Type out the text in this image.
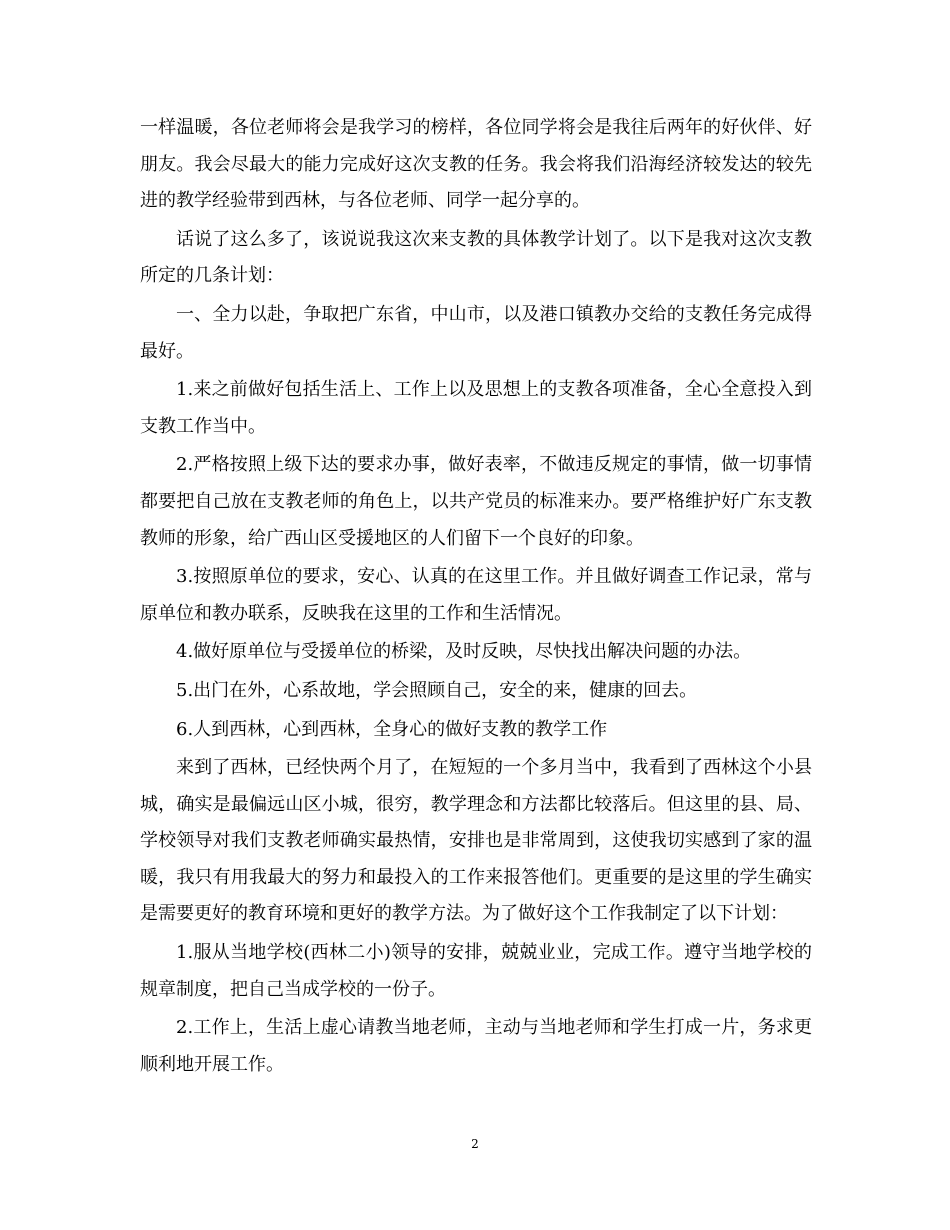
一样温暖，各位老师将会是我学习的榜样，各位同学将会是我往后两年的好伙伴、好朋友。我会尽最大的能力完成好这次支教的任务。我会将我们沿海经济较发达的较先进的教学经验带到西林，与各位老师、同学一起分享的。

话说了这么多了，该说说我这次来支教的具体教学计划了。以下是我对这次支教所定的几条计划：

一、全力以赴，争取把广东省，中山市，以及港口镇教办交给的支教任务完成得最好。

1.来之前做好包括生活上、工作上以及思想上的支教各项准备，全心全意投入到支教工作当中。

2.严格按照上级下达的要求办事，做好表率，不做违反规定的事情，做一切事情都要把自己放在支教老师的角色上，以共产党员的标准来办。要严格维护好广东支教教师的形象，给广西山区受援地区的人们留下一个良好的印象。

3.按照原单位的要求，安心、认真的在这里工作。并且做好调查工作记录，常与原单位和教办联系，反映我在这里的工作和生活情况。

4.做好原单位与受援单位的桥梁，及时反映，尽快找出解决问题的办法。

5.出门在外，心系故地，学会照顾自己，安全的来，健康的回去。

6.人到西林，心到西林，全身心的做好支教的教学工作

来到了西林，已经快两个月了，在短短的一个多月当中，我看到了西林这个小县城，确实是最偏远山区小城，很穷，教学理念和方法都比较落后。但这里的县、局、学校领导对我们支教老师确实最热情，安排也是非常周到，这使我切实感到了家的温暖，我只有用我最大的努力和最投入的工作来报答他们。更重要的是这里的学生确实是需要更好的教育环境和更好的教学方法。为了做好这个工作我制定了以下计划：

1.服从当地学校(西林二小)领导的安排，兢兢业业，完成工作。遵守当地学校的规章制度，把自己当成学校的一份子。

2.工作上，生活上虚心请教当地老师，主动与当地老师和学生打成一片，务求更顺利地开展工作。

2
